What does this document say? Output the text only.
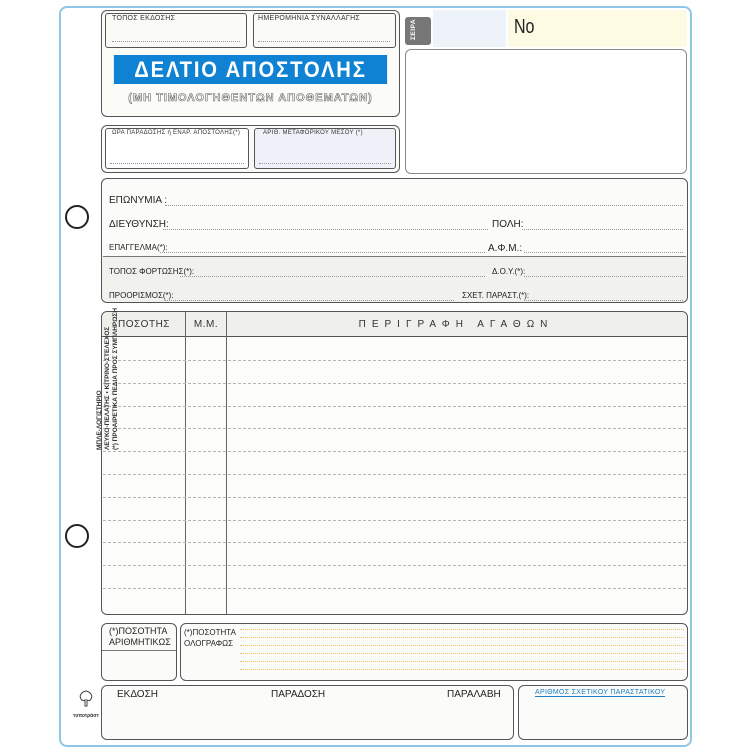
ΤΟΠΟΣ ΕΚΔΟΣΗΣ	ΗΜΕΡΟΜΗΝΙΑ ΣΥΝΑΛΛΑΓΗΣ
ΔΕΛΤΙΟ ΑΠΟΣΤΟΛΗΣ
(ΜΗ ΤΙΜΟΛΟΓΗΘΕΝΤΩΝ ΑΠΟΘΕΜΑΤΩΝ)
ΩΡΑ ΠΑΡΑΔΟΣΗΣ ή ΕΝΑΡ. ΑΠΟΣΤΟΛΗΣ(*)	ΑΡΙΘ. ΜΕΤΑΦΟΡΙΚΟΥ ΜΕΣΟΥ (*)
ΣΕΙΡΑ	No
ΕΠΩΝΥΜΙΑ :
ΔΙΕΥΘΥΝΣΗ:	ΠΟΛΗ:
ΕΠΑΓΓΕΛΜΑ(*):	Α.Φ.Μ.:
ΤΟΠΟΣ ΦΟΡΤΩΣΗΣ(*):	Δ.Ο.Υ.(*):
ΠΡΟΟΡΙΣΜΟΣ(*):	ΣΧΕΤ. ΠΑΡΑΣΤ.(*):
ΠΟΣΟΤΗΣ	Μ.Μ.	ΠΕΡΙΓΡΑΦΗ ΑΓΑΘΩΝ
(*)ΠΟΣΟΤΗΤΑ
ΑΡΙΘΜΗΤΙΚΩΣ
(*)ΠΟΣΟΤΗΤΑ
ΟΛΟΓΡΑΦΩΣ
ΕΚΔΟΣΗ	ΠΑΡΑΔΟΣΗ	ΠΑΡΑΛΑΒΗ	ΑΡΙΘΜΟΣ ΣΧΕΤΙΚΟΥ ΠΑΡΑΣΤΑΤΙΚΟΥ
ΜΠΛΕ-ΛΟΓΙΣΤΗΡΙΟ ΛΕΥΚΟ-ΠΕΛΑΤΗΣ • ΚΙΤΡΙΝΟ-ΣΤΕΛΕΧΟΣ (*) ΠΡΟΑΙΡΕΤΙΚΑ ΠΕΔΙΑ ΠΡΟΣ ΣΥΜΠΛΗΡΩΣΗ
τυποτράστ
